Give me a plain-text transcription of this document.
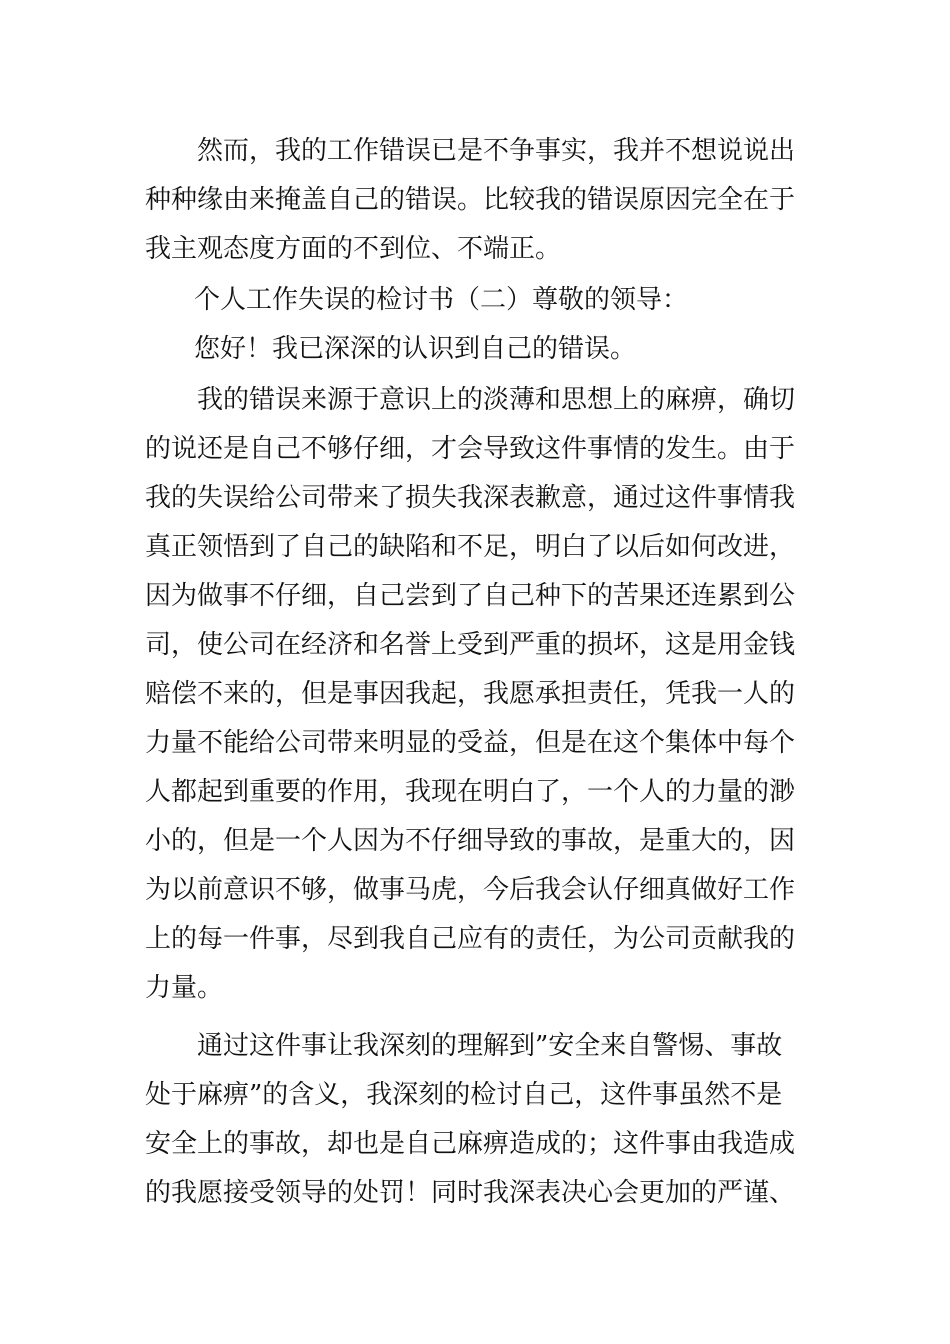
然而，我的工作错误已是不争事实，我并不想说说出
种种缘由来掩盖自己的错误。比较我的错误原因完全在于
我主观态度方面的不到位、不端正。
个人工作失误的检讨书（二）尊敬的领导：
您好！我已深深的认识到自己的错误。
我的错误来源于意识上的淡薄和思想上的麻痹，确切
的说还是自己不够仔细，才会导致这件事情的发生。由于
我的失误给公司带来了损失我深表歉意，通过这件事情我
真正领悟到了自己的缺陷和不足，明白了以后如何改进，
因为做事不仔细，自己尝到了自己种下的苦果还连累到公
司，使公司在经济和名誉上受到严重的损坏，这是用金钱
赔偿不来的，但是事因我起，我愿承担责任，凭我一人的
力量不能给公司带来明显的受益，但是在这个集体中每个
人都起到重要的作用，我现在明白了，一个人的力量的渺
小的，但是一个人因为不仔细导致的事故，是重大的，因
为以前意识不够，做事马虎，今后我会认仔细真做好工作
上的每一件事，尽到我自己应有的责任，为公司贡献我的
力量。
通过这件事让我深刻的理解到”安全来自警惕、事故
处于麻痹”的含义，我深刻的检讨自己，这件事虽然不是
安全上的事故，却也是自己麻痹造成的；这件事由我造成
的我愿接受领导的处罚！同时我深表决心会更加的严谨、
